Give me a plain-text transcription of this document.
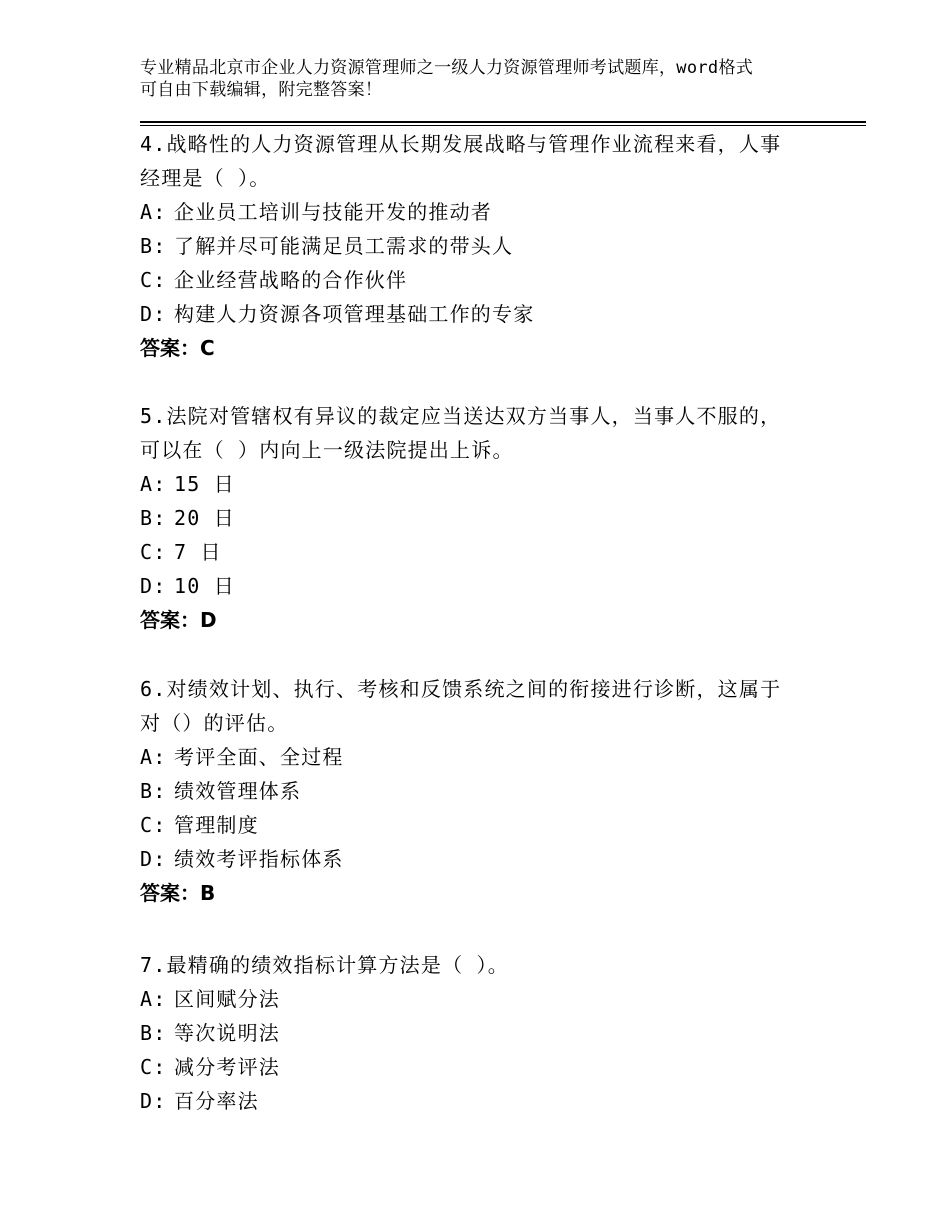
专业精品北京市企业人力资源管理师之一级人力资源管理师考试题库，word格式
可自由下载编辑，附完整答案！
4.战略性的人力资源管理从长期发展战略与管理作业流程来看，人事
经理是（ ）。
A: 企业员工培训与技能开发的推动者
B: 了解并尽可能满足员工需求的带头人
C: 企业经营战略的合作伙伴
D: 构建人力资源各项管理基础工作的专家
答案：C
5.法院对管辖权有异议的裁定应当送达双方当事人，当事人不服的，
可以在（ ）内向上一级法院提出上诉。
A: 15 日
B: 20 日
C: 7 日
D: 10 日
答案：D
6.对绩效计划、执行、考核和反馈系统之间的衔接进行诊断，这属于
对（）的评估。
A: 考评全面、全过程
B: 绩效管理体系
C: 管理制度
D: 绩效考评指标体系
答案：B
7.最精确的绩效指标计算方法是（ ）。
A: 区间赋分法
B: 等次说明法
C: 减分考评法
D: 百分率法
